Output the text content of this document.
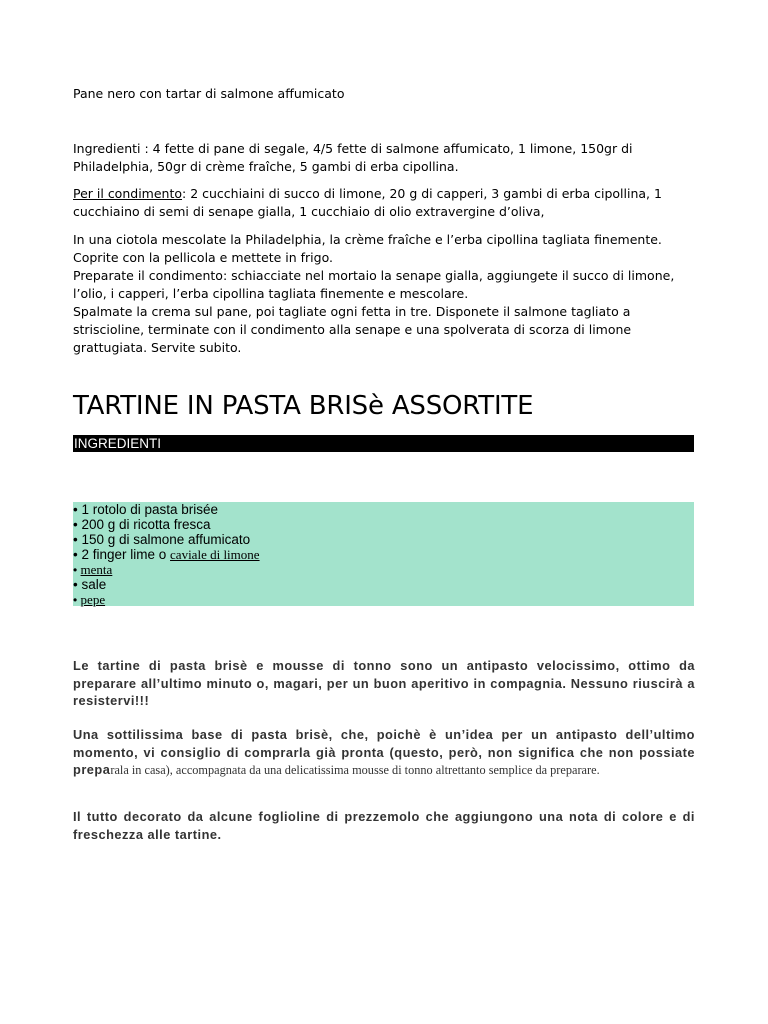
Pane nero con tartar di salmone affumicato
Ingredienti : 4 fette di pane di segale, 4/5 fette di salmone affumicato, 1 limone, 150gr di Philadelphia, 50gr di crème fraîche, 5 gambi di erba cipollina.
Per il condimento: 2 cucchiaini di succo di limone, 20 g di capperi, 3 gambi di erba cipollina, 1 cucchiaino di semi di senape gialla, 1 cucchiaio di olio extravergine d’oliva,
In una ciotola mescolate la Philadelphia, la crème fraîche e l’erba cipollina tagliata finemente. Coprite con la pellicola e mettete in frigo.
Preparate il condimento: schiacciate nel mortaio la senape gialla, aggiungete il succo di limone, l’olio, i capperi, l’erba cipollina tagliata finemente e mescolare.
Spalmate la crema sul pane, poi tagliate ogni fetta in tre. Disponete il salmone tagliato a striscioline, terminate con il condimento alla senape e una spolverata di scorza di limone grattugiata. Servite subito.
TARTINE IN PASTA BRISè ASSORTITE
INGREDIENTI
• 1 rotolo di pasta brisée
• 200 g di ricotta fresca
• 150 g di salmone affumicato
• 2 finger lime o caviale di limone
• menta
• sale
• pepe
Le tartine di pasta brisè e mousse di tonno sono un antipasto velocissimo, ottimo da preparare all’ultimo minuto o, magari, per un buon aperitivo in compagnia. Nessuno riuscirà a resistervi!!!
Una sottilissima base di pasta brisè, che, poichè è un’idea per un antipasto dell’ultimo momento, vi consiglio di comprarla già pronta (questo, però, non significa che non possiate preparala in casa), accompagnata da una delicatissima mousse di tonno altrettanto semplice da preparare.
Il tutto decorato da alcune foglioline di prezzemolo che aggiungono una nota di colore e di freschezza alle tartine.
